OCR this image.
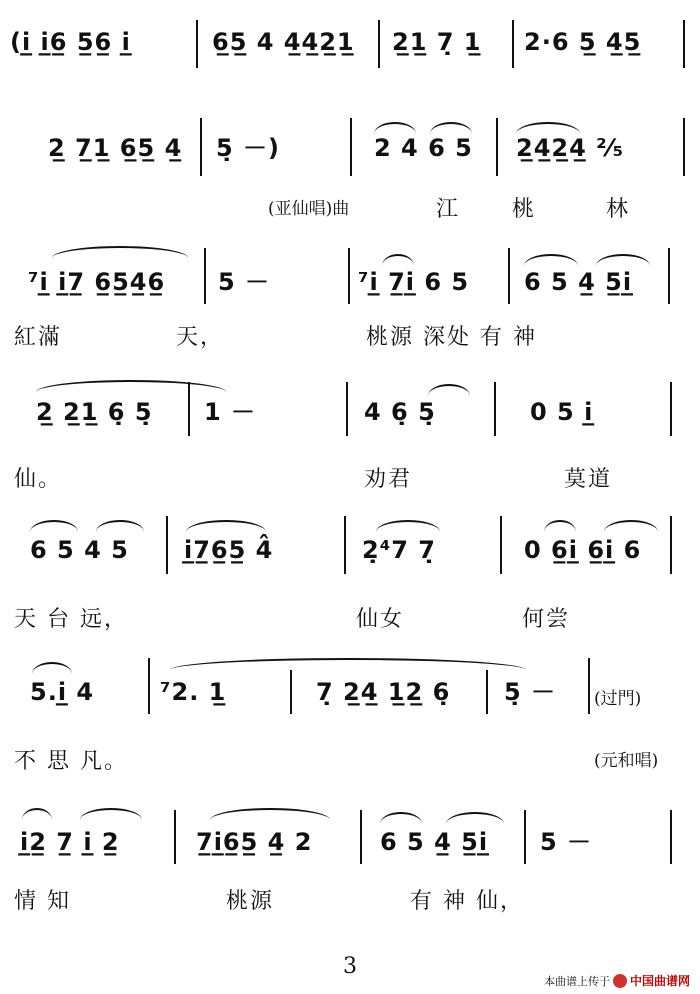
(i̲ i̲6̲ 5̲6̲ i̲	6̲5̲ 4 4̲4̲2̲1̲ 2̲1̲ 7̣ 1̲ 2·6 5̲ 4̲5̲
2̲ 7̲1̲ 6̲5̲ 4̲ 5̣ －)	2 4 6 5 2̲4̲2̲4̲ ²⁄₅
(亚仙唱)曲	江 桃	林
⁷i̲ i̲7̲ 6̲5̲4̲6̲ 5 －	⁷i̲ 7̲i̲ 6 5 6 5 4̲ 5̲i̲
紅滿	天，	桃源 深处 有 神
2̲ 2̲1̲ 6̣ 5̣ 1 －	4 6̣ 5̣	0 5 i̲
仙。	劝君	莫道
6 5 4 5 i̲7̲6̲5̲ 4̂	2̣⁴7 7̣	0 6̲i̲ 6̲i̲ 6
天 台 远，	仙女	何尝
5.i̲ 4	⁷2. 1̲	7̣ 2̲4̲ 1̲2̲ 6̣ 5̣ － (过門)
不 思 凡。	(元和唱)
i̲2̲ 7̲ i̲ 2̲	7̲i̲6̲5̲ 4̲ 2	6 5 4̲ 5̲i̲ 5 －
情 知	桃源	有 神 仙，
3
本曲谱上传于 中国曲谱网
